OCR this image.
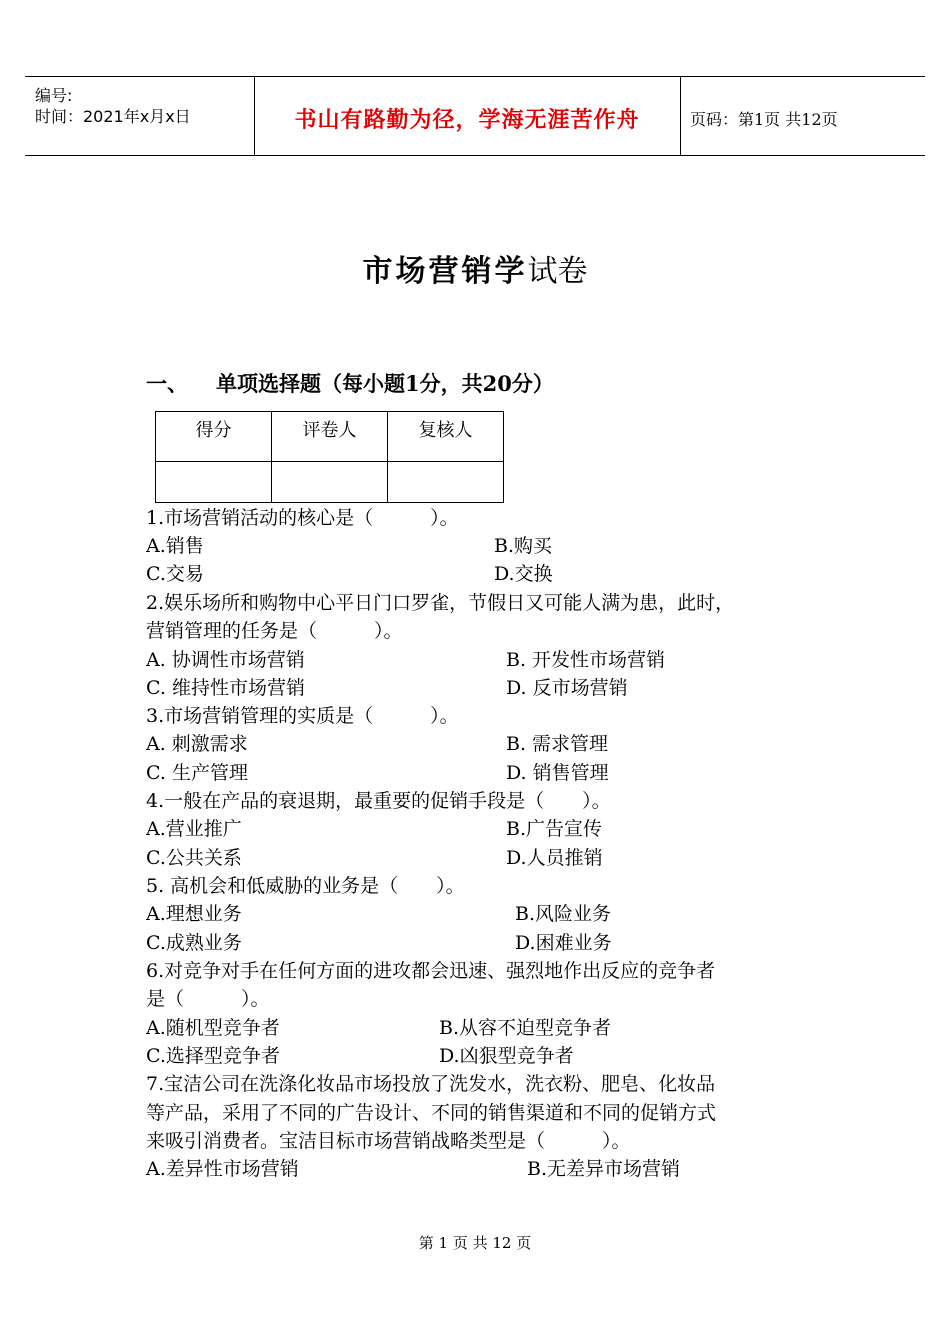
编号:
时间：2021年x月x日	书山有路勤为径，学海无涯苦作舟	页码：第1页 共12页
市场营销学试卷
一、 单项选择题（每小题1分，共20分）
得分	评卷人	复核人

1.市场营销活动的核心是（　　　）。
A.销售	B.购买
C.交易	D.交换
2.娱乐场所和购物中心平日门口罗雀，节假日又可能人满为患，此时，
营销管理的任务是（　　　）。
A. 协调性市场营销	B. 开发性市场营销
C. 维持性市场营销	D. 反市场营销
3.市场营销管理的实质是（　　　）。
A. 刺激需求	B. 需求管理
C. 生产管理	D. 销售管理
4.一般在产品的衰退期，最重要的促销手段是（　　）。
A.营业推广	B.广告宣传
C.公共关系	D.人员推销
5. 高机会和低威胁的业务是（　　）。
A.理想业务	B.风险业务
C.成熟业务	D.困难业务
6.对竞争对手在任何方面的进攻都会迅速、强烈地作出反应的竞争者
是（　　　）。
A.随机型竞争者	B.从容不迫型竞争者
C.选择型竞争者	D.凶狠型竞争者
7.宝洁公司在洗涤化妆品市场投放了洗发水，洗衣粉、肥皂、化妆品
等产品，采用了不同的广告设计、不同的销售渠道和不同的促销方式
来吸引消费者。宝洁目标市场营销战略类型是（　　　）。
A.差异性市场营销	B.无差异市场营销
第 1 页 共 12 页
